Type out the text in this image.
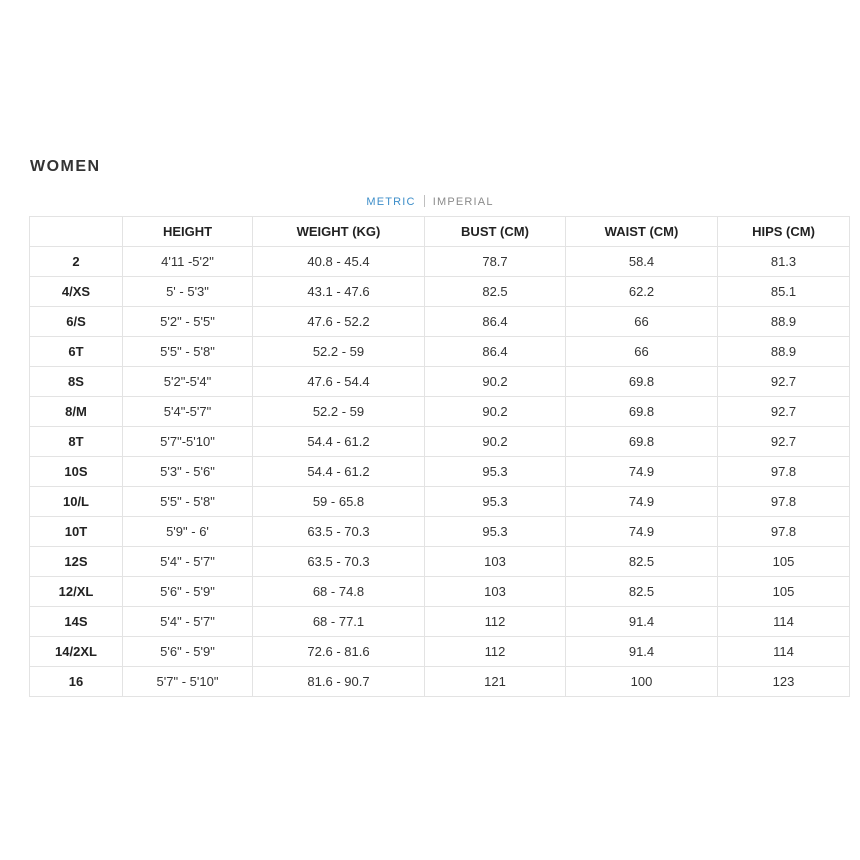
WOMEN
METRIC IMPERIAL
	HEIGHT	WEIGHT (KG)	BUST (CM)	WAIST (CM)	HIPS (CM)
2	4'11 -5'2"	40.8 - 45.4	78.7	58.4	81.3
4/XS	5' - 5'3"	43.1 - 47.6	82.5	62.2	85.1
6/S	5'2" - 5'5"	47.6 - 52.2	86.4	66	88.9
6T	5'5" - 5'8"	52.2 - 59	86.4	66	88.9
8S	5'2"-5'4"	47.6 - 54.4	90.2	69.8	92.7
8/M	5'4"-5'7"	52.2 - 59	90.2	69.8	92.7
8T	5'7"-5'10"	54.4 - 61.2	90.2	69.8	92.7
10S	5'3" - 5'6"	54.4 - 61.2	95.3	74.9	97.8
10/L	5'5" - 5'8"	59 - 65.8	95.3	74.9	97.8
10T	5'9" - 6'	63.5 - 70.3	95.3	74.9	97.8
12S	5'4" - 5'7"	63.5 - 70.3	103	82.5	105
12/XL	5'6" - 5'9"	68 - 74.8	103	82.5	105
14S	5'4" - 5'7"	68 - 77.1	112	91.4	114
14/2XL	5'6" - 5'9"	72.6 - 81.6	112	91.4	114
16	5'7" - 5'10"	81.6 - 90.7	121	100	123
